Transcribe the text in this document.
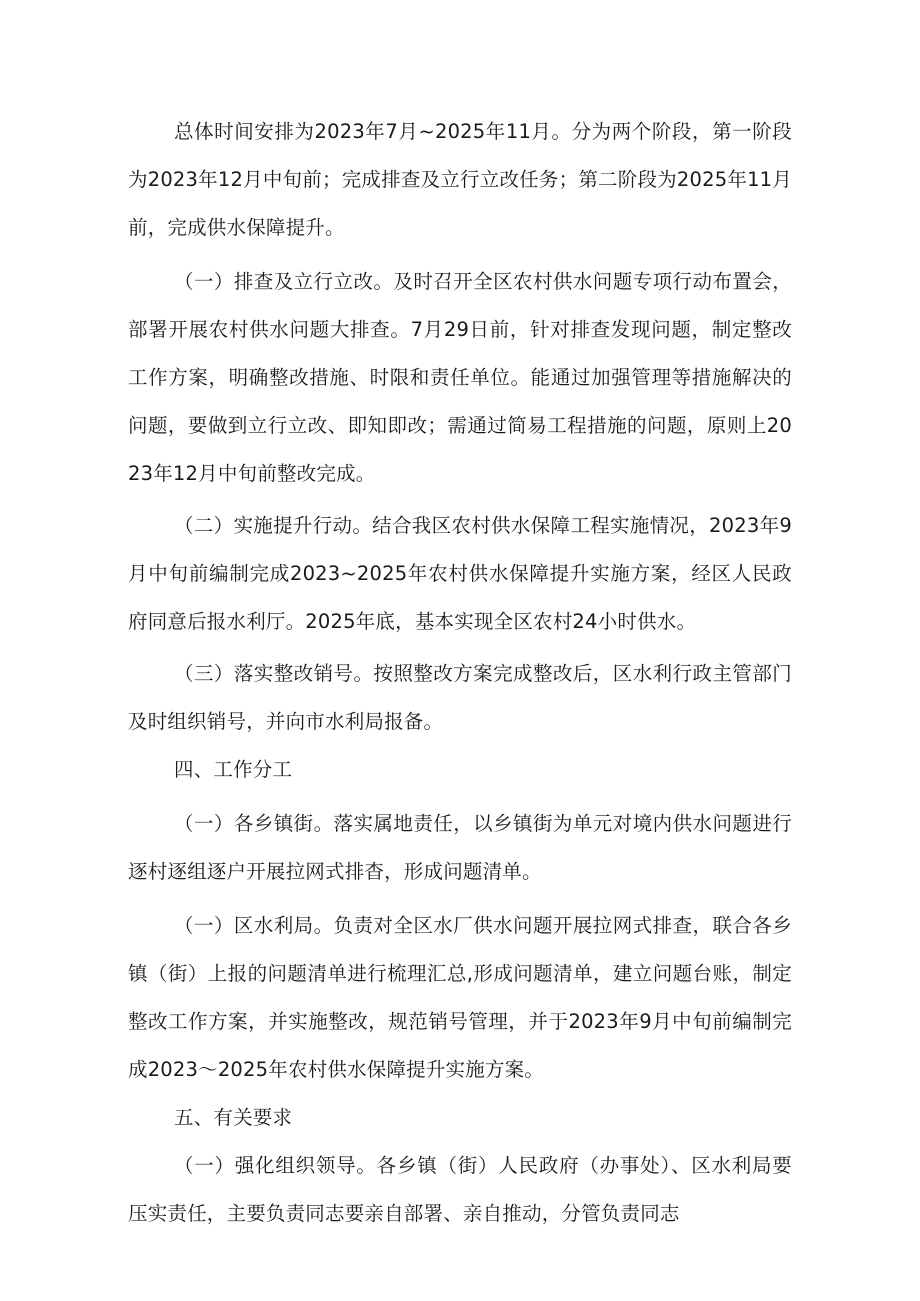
总体时间安排为2023年7月~2025年11月。分为两个阶段，第一阶段为2023年12月中旬前；完成排查及立行立改任务；第二阶段为2025年11月前，完成供水保障提升。

（一）排查及立行立改。及时召开全区农村供水问题专项行动布置会，部署开展农村供水问题大排查。7月29日前，针对排查发现问题，制定整改工作方案，明确整改措施、时限和责任单位。能通过加强管理等措施解决的问题，要做到立行立改、即知即改；需通过简易工程措施的问题，原则上2023年12月中旬前整改完成。

（二）实施提升行动。结合我区农村供水保障工程实施情况，2023年9月中旬前编制完成2023~2025年农村供水保障提升实施方案，经区人民政府同意后报水利厅。2025年底，基本实现全区农村24小时供水。

（三）落实整改销号。按照整改方案完成整改后，区水利行政主管部门及时组织销号，并向市水利局报备。

四、工作分工

（一）各乡镇街。落实属地责任，以乡镇街为单元对境内供水问题进行逐村逐组逐户开展拉网式排杳，形成问题清单。

（一）区水利局。负责对全区水厂供水问题开展拉网式排查，联合各乡镇（街）上报的问题清单进行梳理汇总,形成问题清单，建立问题台账，制定整改工作方案，并实施整改，规范销号管理，并于2023年9月中旬前编制完成2023～2025年农村供水保障提升实施方案。

五、有关要求

（一）强化组织领导。各乡镇（街）人民政府（办事处）、区水利局要压实责任，主要负责同志要亲自部署、亲自推动，分管负责同志
